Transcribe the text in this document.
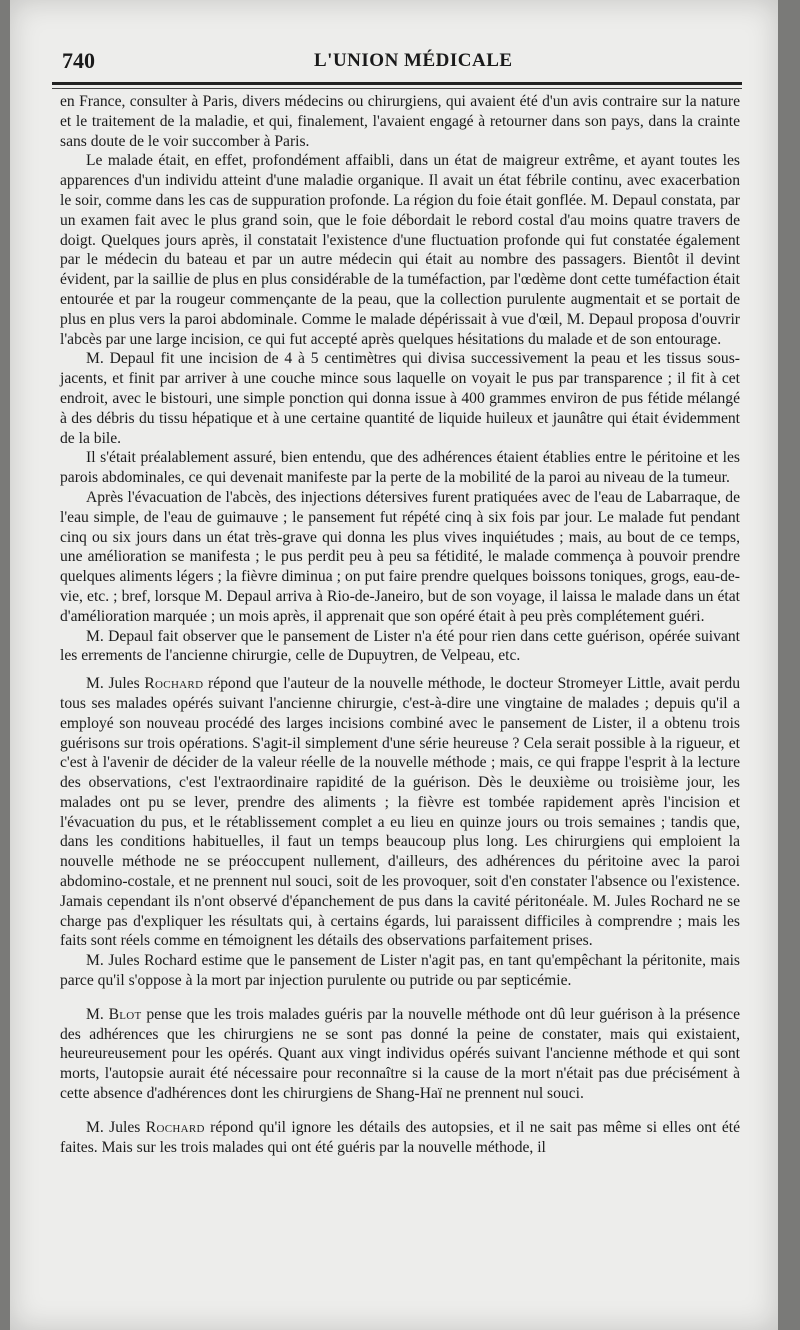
740	L'UNION MÉDICALE

en France, consulter à Paris, divers médecins ou chirurgiens, qui avaient été d'un avis contraire sur la nature et le traitement de la maladie, et qui, finalement, l'avaient engagé à retourner dans son pays, dans la crainte sans doute de le voir succomber à Paris.

Le malade était, en effet, profondément affaibli, dans un état de maigreur extrême, et ayant toutes les apparences d'un individu atteint d'une maladie organique. Il avait un état fébrile continu, avec exacerbation le soir, comme dans les cas de suppuration profonde. La région du foie était gonflée. M. Depaul constata, par un examen fait avec le plus grand soin, que le foie débordait le rebord costal d'au moins quatre travers de doigt. Quelques jours après, il constatait l'existence d'une fluctuation profonde qui fut constatée également par le médecin du bateau et par un autre médecin qui était au nombre des passagers. Bientôt il devint évident, par la saillie de plus en plus considérable de la tuméfaction, par l'œdème dont cette tuméfaction était entourée et par la rougeur commençante de la peau, que la collection purulente augmentait et se portait de plus en plus vers la paroi abdominale. Comme le malade dépérissait à vue d'œil, M. Depaul proposa d'ouvrir l'abcès par une large incision, ce qui fut accepté après quelques hésitations du malade et de son entourage.

M. Depaul fit une incision de 4 à 5 centimètres qui divisa successivement la peau et les tissus sous-jacents, et finit par arriver à une couche mince sous laquelle on voyait le pus par transparence ; il fit à cet endroit, avec le bistouri, une simple ponction qui donna issue à 400 grammes environ de pus fétide mélangé à des débris du tissu hépatique et à une certaine quantité de liquide huileux et jaunâtre qui était évidemment de la bile.

Il s'était préalablement assuré, bien entendu, que des adhérences étaient établies entre le péritoine et les parois abdominales, ce qui devenait manifeste par la perte de la mobilité de la paroi au niveau de la tumeur.

Après l'évacuation de l'abcès, des injections détersives furent pratiquées avec de l'eau de Labarraque, de l'eau simple, de l'eau de guimauve ; le pansement fut répété cinq à six fois par jour. Le malade fut pendant cinq ou six jours dans un état très-grave qui donna les plus vives inquiétudes ; mais, au bout de ce temps, une amélioration se manifesta ; le pus perdit peu à peu sa fétidité, le malade commença à pouvoir prendre quelques aliments légers ; la fièvre diminua ; on put faire prendre quelques boissons toniques, grogs, eau-de-vie, etc. ; bref, lorsque M. Depaul arriva à Rio-de-Janeiro, but de son voyage, il laissa le malade dans un état d'amélioration marquée ; un mois après, il apprenait que son opéré était à peu près complétement guéri.

M. Depaul fait observer que le pansement de Lister n'a été pour rien dans cette guérison, opérée suivant les errements de l'ancienne chirurgie, celle de Dupuytren, de Velpeau, etc.

M. Jules Rochard répond que l'auteur de la nouvelle méthode, le docteur Stromeyer Little, avait perdu tous ses malades opérés suivant l'ancienne chirurgie, c'est-à-dire une vingtaine de malades ; depuis qu'il a employé son nouveau procédé des larges incisions combiné avec le pansement de Lister, il a obtenu trois guérisons sur trois opérations. S'agit-il simplement d'une série heureuse ? Cela serait possible à la rigueur, et c'est à l'avenir de décider de la valeur réelle de la nouvelle méthode ; mais, ce qui frappe l'esprit à la lecture des observations, c'est l'extraordinaire rapidité de la guérison. Dès le deuxième ou troisième jour, les malades ont pu se lever, prendre des aliments ; la fièvre est tombée rapidement après l'incision et l'évacuation du pus, et le rétablissement complet a eu lieu en quinze jours ou trois semaines ; tandis que, dans les conditions habituelles, il faut un temps beaucoup plus long. Les chirurgiens qui emploient la nouvelle méthode ne se préoccupent nullement, d'ailleurs, des adhérences du péritoine avec la paroi abdomino-costale, et ne prennent nul souci, soit de les provoquer, soit d'en constater l'absence ou l'existence. Jamais cependant ils n'ont observé d'épanchement de pus dans la cavité péritonéale. M. Jules Rochard ne se charge pas d'expliquer les résultats qui, à certains égards, lui paraissent difficiles à comprendre ; mais les faits sont réels comme en témoignent les détails des observations parfaitement prises.

M. Jules Rochard estime que le pansement de Lister n'agit pas, en tant qu'empêchant la péritonite, mais parce qu'il s'oppose à la mort par injection purulente ou putride ou par septicémie.

M. Blot pense que les trois malades guéris par la nouvelle méthode ont dû leur guérison à la présence des adhérences que les chirurgiens ne se sont pas donné la peine de constater, mais qui existaient, heureureusement pour les opérés. Quant aux vingt individus opérés suivant l'ancienne méthode et qui sont morts, l'autopsie aurait été nécessaire pour reconnaître si la cause de la mort n'était pas due précisément à cette absence d'adhérences dont les chirurgiens de Shang-Haï ne prennent nul souci.

M. Jules Rochard répond qu'il ignore les détails des autopsies, et il ne sait pas même si elles ont été faites. Mais sur les trois malades qui ont été guéris par la nouvelle méthode, il
